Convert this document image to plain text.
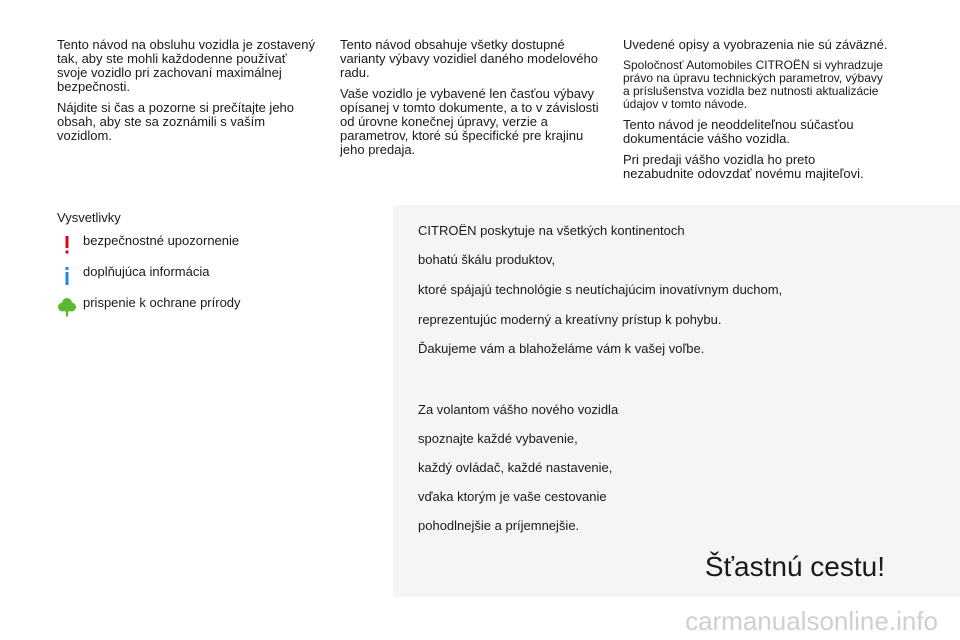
Tento návod na obsluhu vozidla je zostavený tak, aby ste mohli každodenne používať svoje vozidlo pri zachovaní maximálnej bezpečnosti.

Nájdite si čas a pozorne si prečítajte jeho obsah, aby ste sa zoznámili s vaším vozidlom.

Tento návod obsahuje všetky dostupné varianty výbavy vozidiel daného modelového radu.

Vaše vozidlo je vybavené len časťou výbavy opísanej v tomto dokumente, a to v závislosti od úrovne konečnej úpravy, verzie a parametrov, ktoré sú špecifické pre krajinu jeho predaja.

Uvedené opisy a vyobrazenia nie sú záväzné.

Spoločnosť Automobiles CITROËN si vyhradzuje právo na úpravu technických parametrov, výbavy a príslušenstva vozidla bez nutnosti aktualizácie údajov v tomto návode.

Tento návod je neoddeliteľnou súčasťou dokumentácie vášho vozidla.

Pri predaji vášho vozidla ho preto nezabudnite odovzdať novému majiteľovi.

Vysvetlivky
bezpečnostné upozornenie
doplňujúca informácia
prispenie k ochrane prírody
CITROËN poskytuje na všetkých kontinentoch
bohatú škálu produktov,
ktoré spájajú technológie s neutíchajúcim inovatívnym duchom,
reprezentujúc moderný a kreatívny prístup k pohybu.
Ďakujeme vám a blahoželáme vám k vašej voľbe.
Za volantom vášho nového vozidla
spoznajte každé vybavenie,
každý ovládač, každé nastavenie,
vďaka ktorým je vaše cestovanie
pohodlnejšie a príjemnejšie.
Šťastnú cestu!
carmanualsonline.info
